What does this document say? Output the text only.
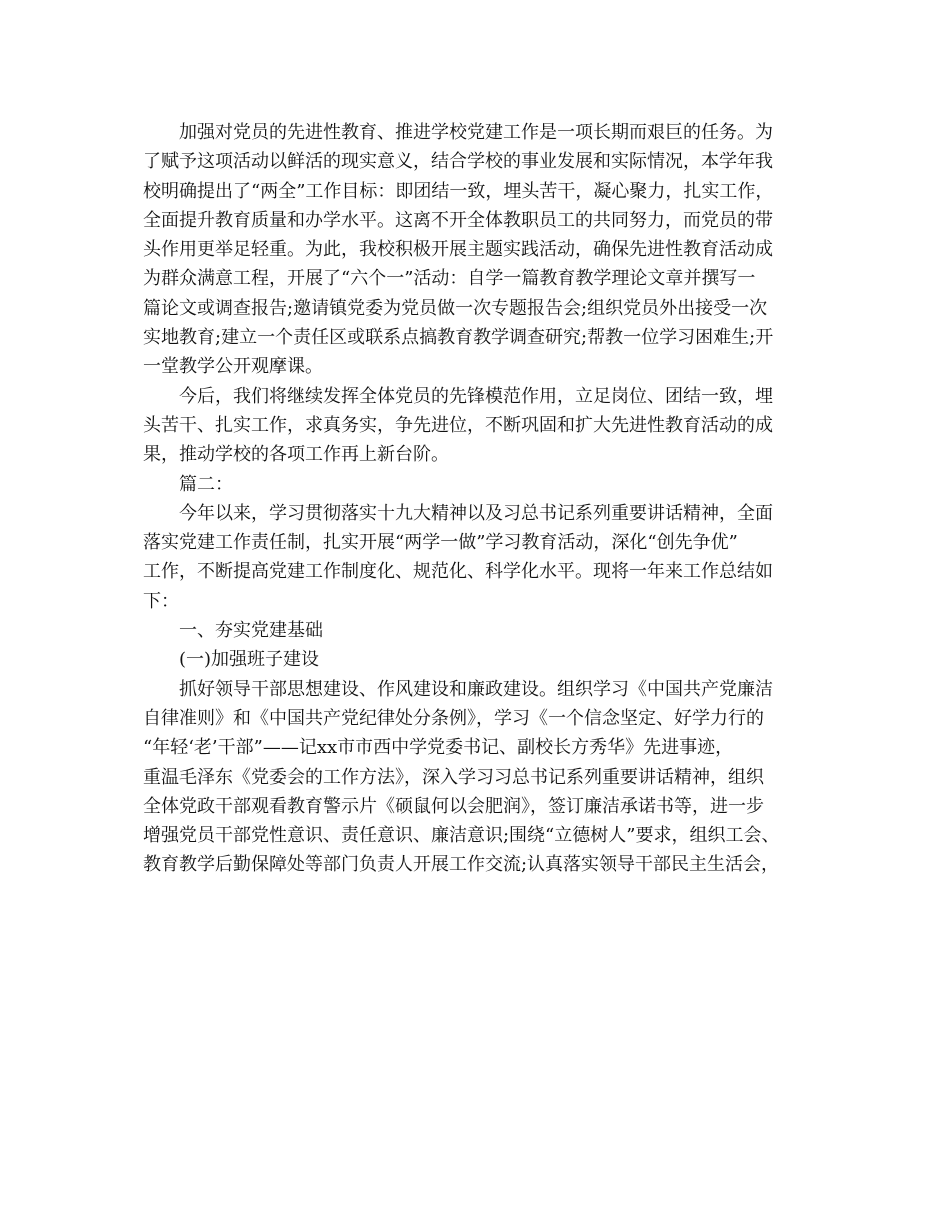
加强对党员的先进性教育、推进学校党建工作是一项长期而艰巨的任务。为
了赋予这项活动以鲜活的现实意义，结合学校的事业发展和实际情况，本学年我
校明确提出了“两全”工作目标：即团结一致，埋头苦干，凝心聚力，扎实工作，
全面提升教育质量和办学水平。这离不开全体教职员工的共同努力，而党员的带
头作用更举足轻重。为此，我校积极开展主题实践活动，确保先进性教育活动成
为群众满意工程，开展了“六个一”活动：自学一篇教育教学理论文章并撰写一
篇论文或调查报告;邀请镇党委为党员做一次专题报告会;组织党员外出接受一次
实地教育;建立一个责任区或联系点搞教育教学调查研究;帮教一位学习困难生;开
一堂教学公开观摩课。
今后，我们将继续发挥全体党员的先锋模范作用，立足岗位、团结一致，埋
头苦干、扎实工作，求真务实，争先进位，不断巩固和扩大先进性教育活动的成
果，推动学校的各项工作再上新台阶。
篇二：
今年以来，学习贯彻落实十九大精神以及习总书记系列重要讲话精神，全面
落实党建工作责任制，扎实开展“两学一做”学习教育活动，深化“创先争优”
工作，不断提高党建工作制度化、规范化、科学化水平。现将一年来工作总结如
下：
一、夯实党建基础
(一)加强班子建设
抓好领导干部思想建设、作风建设和廉政建设。组织学习《中国共产党廉洁
自律准则》和《中国共产党纪律处分条例》，学习《一个信念坚定、好学力行的
“年轻‘老’干部”——记xx市市西中学党委书记、副校长方秀华》先进事迹，
重温毛泽东《党委会的工作方法》，深入学习习总书记系列重要讲话精神，组织
全体党政干部观看教育警示片《硕鼠何以会肥润》，签订廉洁承诺书等，进一步
增强党员干部党性意识、责任意识、廉洁意识;围绕“立德树人”要求，组织工会、
教育教学后勤保障处等部门负责人开展工作交流;认真落实领导干部民主生活会，
